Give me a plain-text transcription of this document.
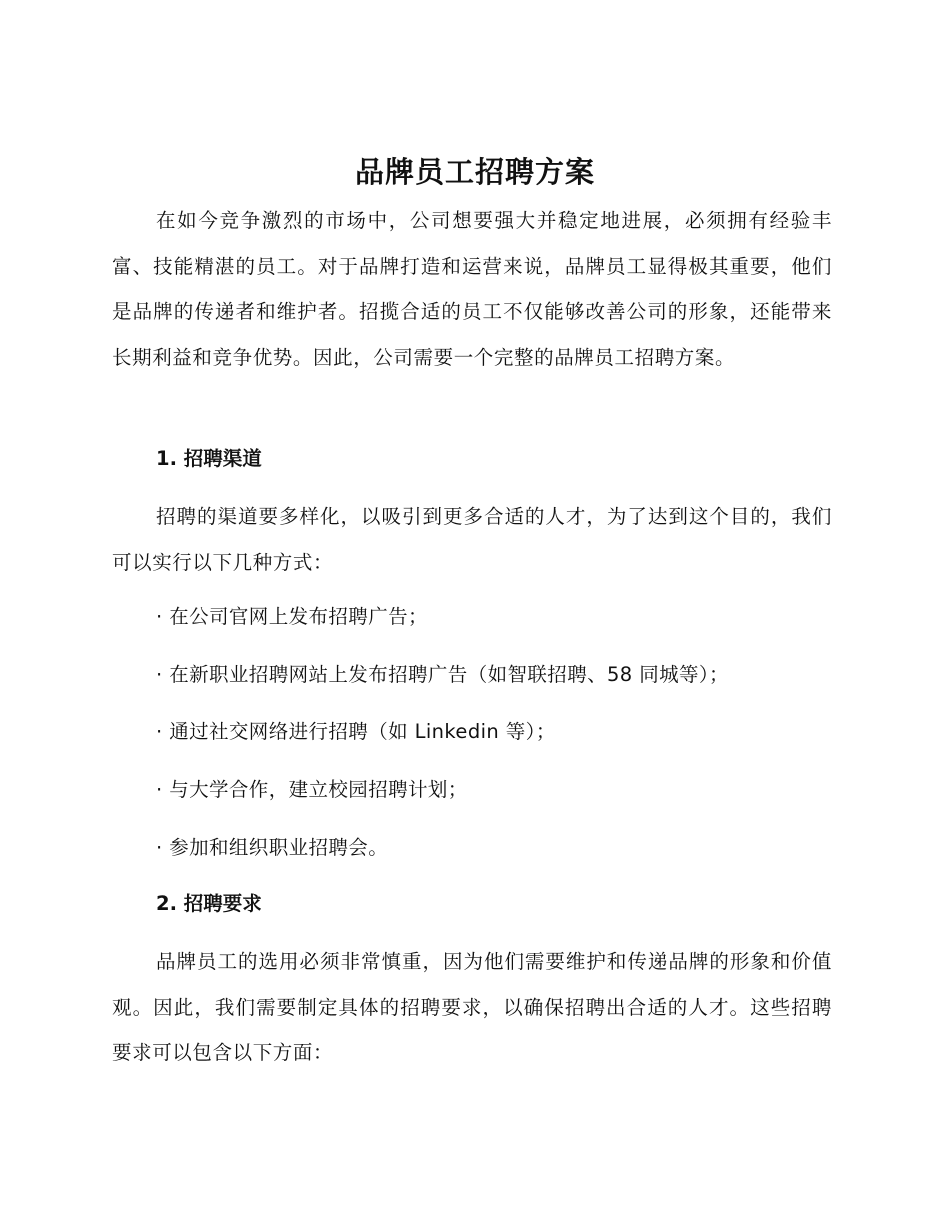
品牌员工招聘方案

在如今竞争激烈的市场中，公司想要强大并稳定地进展，必须拥有经验丰富、技能精湛的员工。对于品牌打造和运营来说，品牌员工显得极其重要，他们是品牌的传递者和维护者。招揽合适的员工不仅能够改善公司的形象，还能带来长期利益和竞争优势。因此，公司需要一个完整的品牌员工招聘方案。

1. 招聘渠道

招聘的渠道要多样化，以吸引到更多合适的人才，为了达到这个目的，我们可以实行以下几种方式：

· 在公司官网上发布招聘广告；
· 在新职业招聘网站上发布招聘广告（如智联招聘、58 同城等）；
· 通过社交网络进行招聘（如 Linkedin 等）；
· 与大学合作，建立校园招聘计划；
· 参加和组织职业招聘会。
2. 招聘要求

品牌员工的选用必须非常慎重，因为他们需要维护和传递品牌的形象和价值观。因此，我们需要制定具体的招聘要求，以确保招聘出合适的人才。这些招聘要求可以包含以下方面：
